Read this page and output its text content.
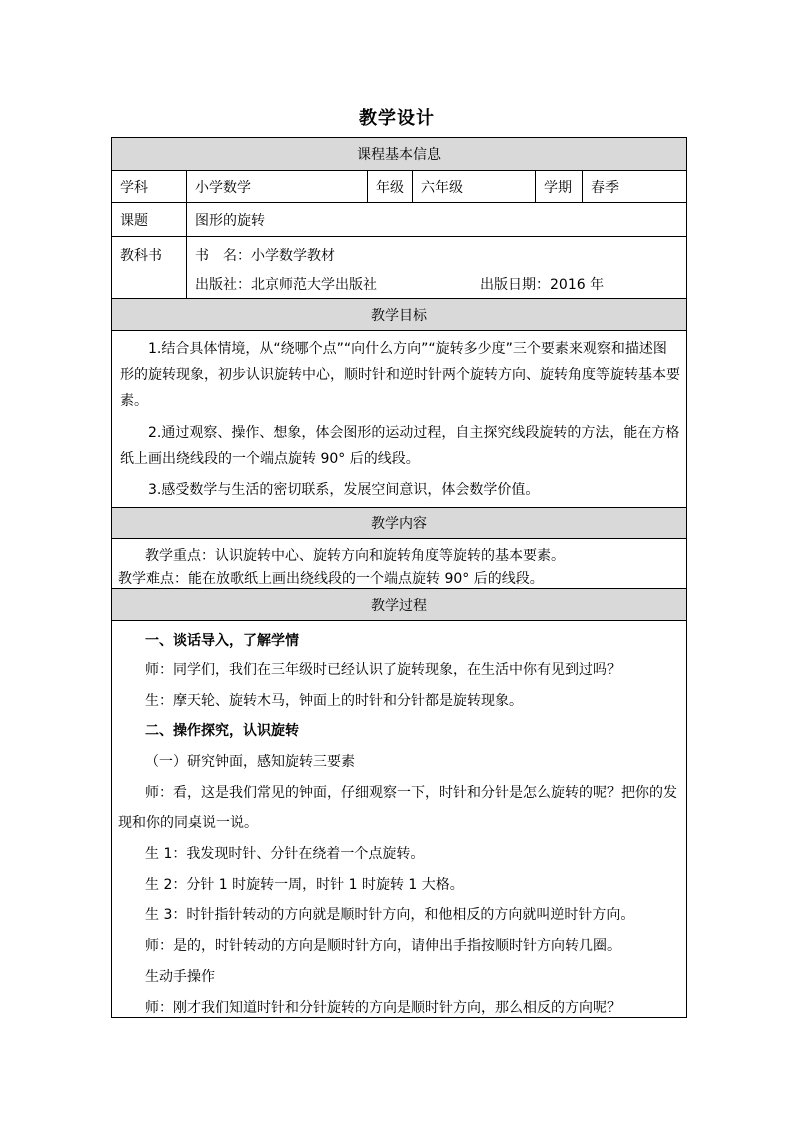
教学设计
课程基本信息
学科	小学数学	年级	六年级	学期	春季
课题	图形的旋转
教科书	书　名：小学数学教材
出版社：北京师范大学出版社	出版日期：2016 年
教学目标
1.结合具体情境，从“绕哪个点”“向什么方向”“旋转多少度”三个要素来观察和描述图形的旋转现象，初步认识旋转中心，顺时针和逆时针两个旋转方向、旋转角度等旋转基本要素。
2.通过观察、操作、想象，体会图形的运动过程，自主探究线段旋转的方法，能在方格纸上画出绕线段的一个端点旋转 90° 后的线段。
3.感受数学与生活的密切联系，发展空间意识，体会数学价值。
教学内容
教学重点：认识旋转中心、旋转方向和旋转角度等旋转的基本要素。
教学难点：能在放歌纸上画出绕线段的一个端点旋转 90° 后的线段。
教学过程
一、谈话导入，了解学情
师：同学们，我们在三年级时已经认识了旋转现象，在生活中你有见到过吗？
生：摩天轮、旋转木马，钟面上的时针和分针都是旋转现象。
二、操作探究，认识旋转
（一）研究钟面，感知旋转三要素
师：看，这是我们常见的钟面，仔细观察一下，时针和分针是怎么旋转的呢？把你的发
现和你的同桌说一说。
生 1：我发现时针、分针在绕着一个点旋转。
生 2：分针 1 时旋转一周，时针 1 时旋转 1 大格。
生 3：时针指针转动的方向就是顺时针方向，和他相反的方向就叫逆时针方向。
师：是的，时针转动的方向是顺时针方向，请伸出手指按顺时针方向转几圈。
生动手操作
师：刚才我们知道时针和分针旋转的方向是顺时针方向，那么相反的方向呢？
